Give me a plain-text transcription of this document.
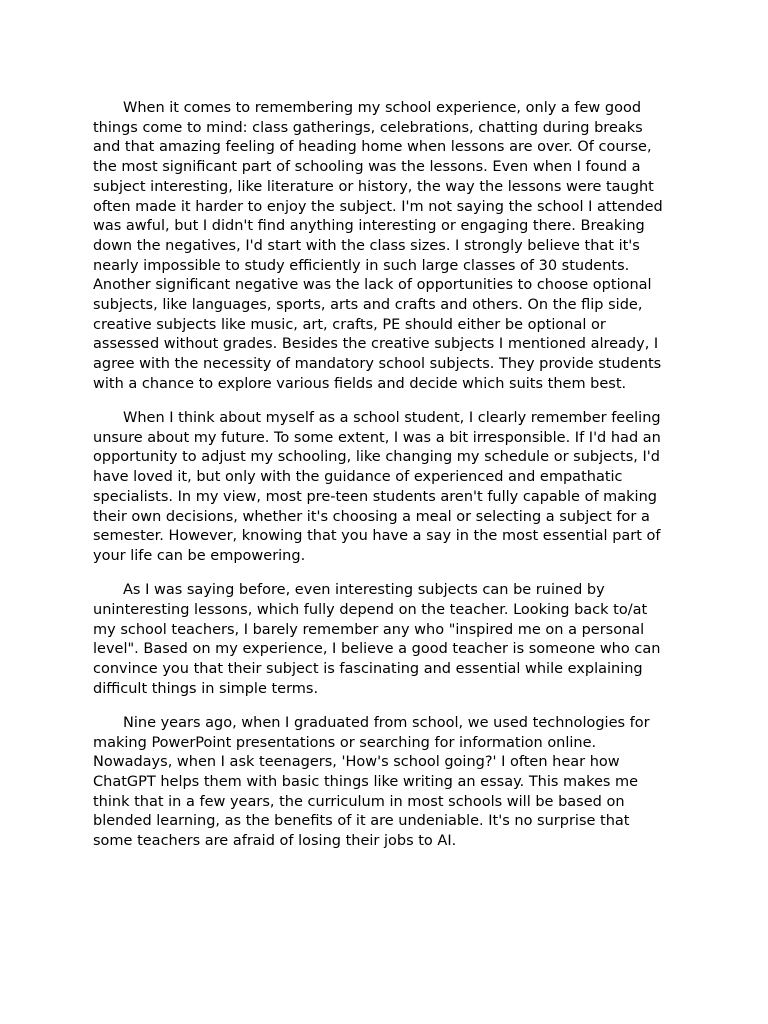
When it comes to remembering my school experience, only a few good things come to mind: class gatherings, celebrations, chatting during breaks and that amazing feeling of heading home when lessons are over. Of course, the most significant part of schooling was the lessons. Even when I found a subject interesting, like literature or history, the way the lessons were taught often made it harder to enjoy the subject. I'm not saying the school I attended was awful, but I didn't find anything interesting or engaging there. Breaking down the negatives, I'd start with the class sizes. I strongly believe that it's nearly impossible to study efficiently in such large classes of 30 students. Another significant negative was the lack of opportunities to choose optional subjects, like languages, sports, arts and crafts and others. On the flip side, creative subjects like music, art, crafts, PE should either be optional or assessed without grades. Besides the creative subjects I mentioned already, I agree with the necessity of mandatory school subjects. They provide students with a chance to explore various fields and decide which suits them best.

When I think about myself as a school student, I clearly remember feeling unsure about my future. To some extent, I was a bit irresponsible. If I'd had an opportunity to adjust my schooling, like changing my schedule or subjects, I'd have loved it, but only with the guidance of experienced and empathatic specialists. In my view, most pre-teen students aren't fully capable of making their own decisions, whether it's choosing a meal or selecting a subject for a semester. However, knowing that you have a say in the most essential part of your life can be empowering.

As I was saying before, even interesting subjects can be ruined by uninteresting lessons, which fully depend on the teacher. Looking back to/at my school teachers, I barely remember any who "inspired me on a personal level". Based on my experience, I believe a good teacher is someone who can convince you that their subject is fascinating and essential while explaining difficult things in simple terms.

Nine years ago, when I graduated from school, we used technologies for making PowerPoint presentations or searching for information online. Nowadays, when I ask teenagers, 'How's school going?' I often hear how ChatGPT helps them with basic things like writing an essay. This makes me think that in a few years, the curriculum in most schools will be based on blended learning, as the benefits of it are undeniable. It's no surprise that some teachers are afraid of losing their jobs to AI.
